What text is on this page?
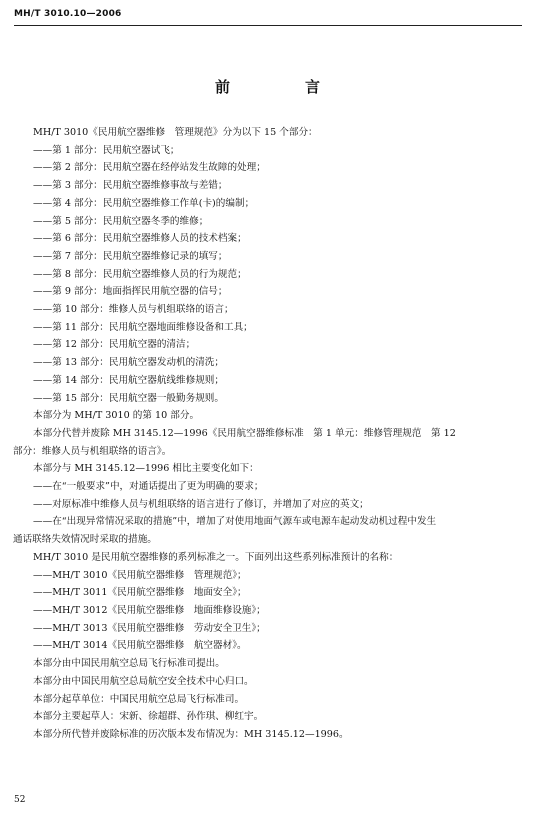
MH/T 3010.10—2006
前　言
MH/T 3010《民用航空器维修　管理规范》分为以下 15 个部分：
——第 1 部分：民用航空器试飞；
——第 2 部分：民用航空器在经停站发生故障的处理；
——第 3 部分：民用航空器维修事故与差错；
——第 4 部分：民用航空器维修工作单(卡)的编制；
——第 5 部分：民用航空器冬季的维修；
——第 6 部分：民用航空器维修人员的技术档案；
——第 7 部分：民用航空器维修记录的填写；
——第 8 部分：民用航空器维修人员的行为规范；
——第 9 部分：地面指挥民用航空器的信号；
——第 10 部分：维修人员与机组联络的语言；
——第 11 部分：民用航空器地面维修设备和工具；
——第 12 部分：民用航空器的清洁；
——第 13 部分：民用航空器发动机的清洗；
——第 14 部分：民用航空器航线维修规则；
——第 15 部分：民用航空器一般勤务规则。
本部分为 MH/T 3010 的第 10 部分。
本部分代替并废除 MH 3145.12—1996《民用航空器维修标准　第 1 单元：维修管理规范　第 12
部分：维修人员与机组联络的语言》。
本部分与 MH 3145.12—1996 相比主要变化如下：
——在“一般要求”中，对通话提出了更为明确的要求；
——对原标准中维修人员与机组联络的语言进行了修订，并增加了对应的英文；
——在“出现异常情况采取的措施”中，增加了对使用地面气源车或电源车起动发动机过程中发生
通话联络失效情况时采取的措施。
MH/T 3010 是民用航空器维修的系列标准之一。下面列出这些系列标准预计的名称：
——MH/T 3010《民用航空器维修　管理规范》；
——MH/T 3011《民用航空器维修　地面安全》；
——MH/T 3012《民用航空器维修　地面维修设施》；
——MH/T 3013《民用航空器维修　劳动安全卫生》；
——MH/T 3014《民用航空器维修　航空器材》。
本部分由中国民用航空总局飞行标准司提出。
本部分由中国民用航空总局航空安全技术中心归口。
本部分起草单位：中国民用航空总局飞行标准司。
本部分主要起草人：宋新、徐超群、孙作琪、柳红宇。
本部分所代替并废除标准的历次版本发布情况为：MH 3145.12—1996。
52
